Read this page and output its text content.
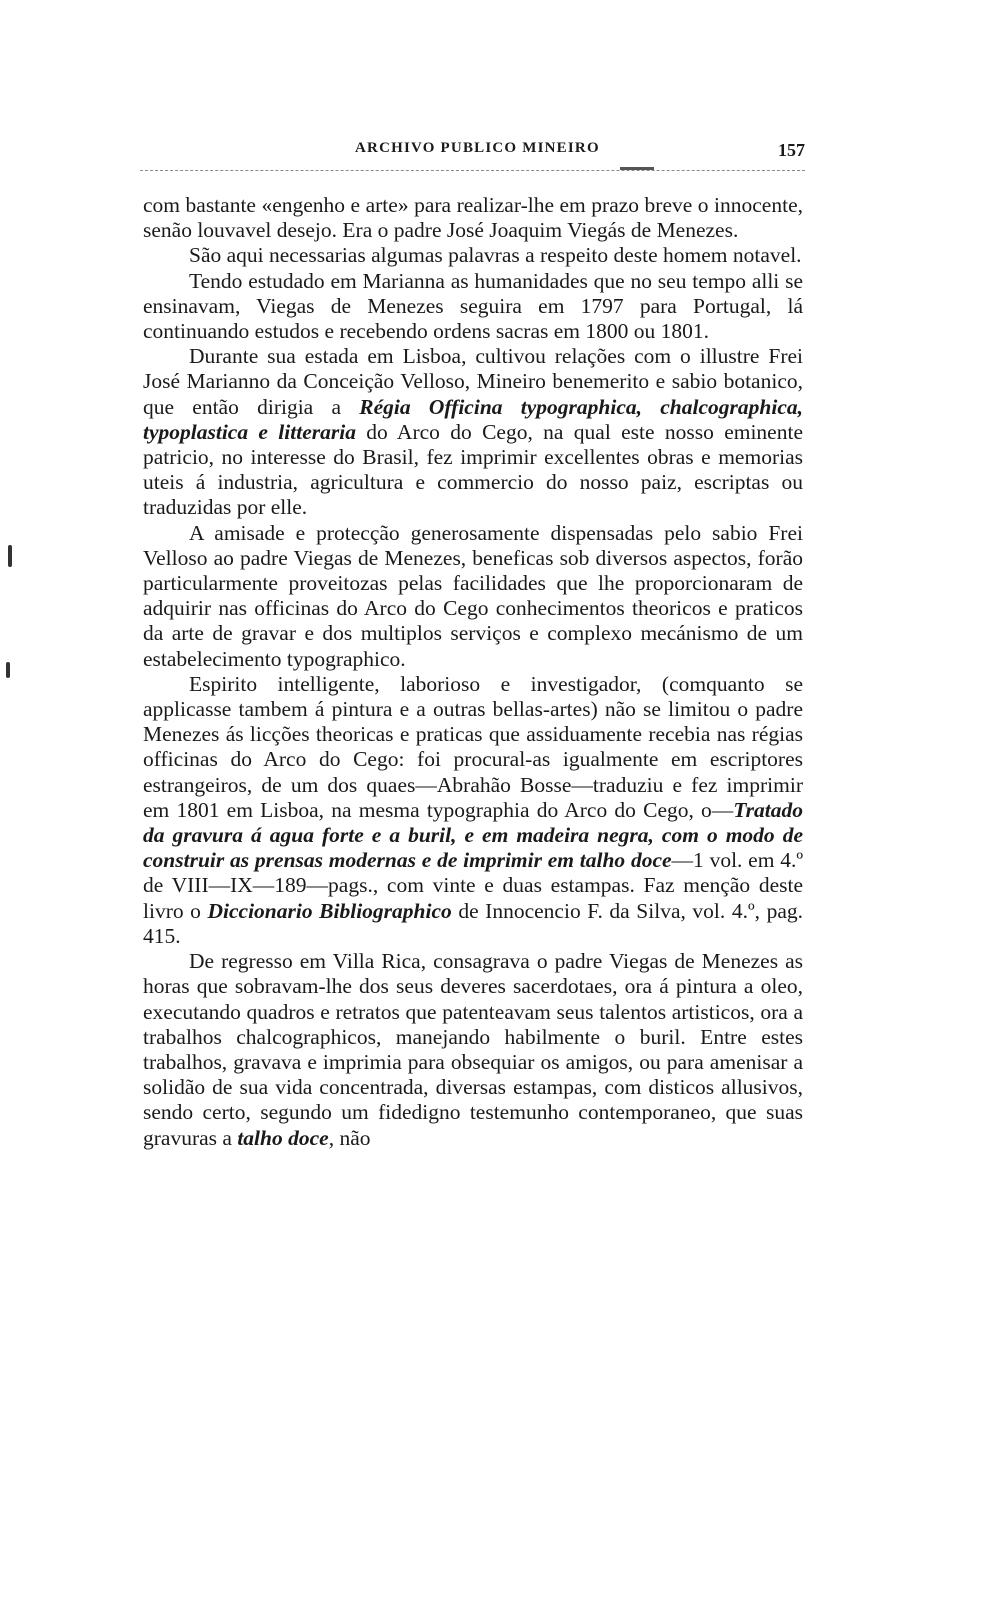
ARCHIVO PUBLICO MINEIRO	157

com bastante «engenho e arte» para realizar-lhe em prazo breve o innocente, senão louvavel desejo. Era o padre José Joaquim Viegás de Menezes.

São aqui necessarias algumas palavras a respeito deste homem notavel.

Tendo estudado em Marianna as humanidades que no seu tempo alli se ensinavam, Viegas de Menezes seguira em 1797 para Portugal, lá continuando estudos e recebendo ordens sacras em 1800 ou 1801.

Durante sua estada em Lisboa, cultivou relações com o illustre Frei José Marianno da Conceição Velloso, Mineiro benemerito e sabio botanico, que então dirigia a Régia Officina typographica, chalcographica, typoplastica e litteraria do Arco do Cego, na qual este nosso eminente patricio, no interesse do Brasil, fez imprimir excellentes obras e memorias uteis á industria, agricultura e commercio do nosso paiz, escriptas ou traduzidas por elle.

A amisade e protecção generosamente dispensadas pelo sabio Frei Velloso ao padre Viegas de Menezes, beneficas sob diversos aspectos, forão particularmente proveitozas pelas facilidades que lhe proporcionaram de adquirir nas officinas do Arco do Cego conhecimentos theoricos e praticos da arte de gravar e dos multiplos serviços e complexo mecánismo de um estabelecimento typographico.

Espirito intelligente, laborioso e investigador, (comquanto se applicasse tambem á pintura e a outras bellas-artes) não se limitou o padre Menezes ás licções theoricas e praticas que assiduamente recebia nas régias officinas do Arco do Cego: foi procural-as igualmente em escriptores estrangeiros, de um dos quaes—Abrahão Bosse—traduziu e fez imprimir em 1801 em Lisboa, na mesma typographia do Arco do Cego, o—Tratado da gravura á agua forte e a buril, e em madeira negra, com o modo de construir as prensas modernas e de imprimir em talho doce—1 vol. em 4.º de VIII—IX—189—pags., com vinte e duas estampas. Faz menção deste livro o Diccionario Bibliographico de Innocencio F. da Silva, vol. 4.º, pag. 415.

De regresso em Villa Rica, consagrava o padre Viegas de Menezes as horas que sobravam-lhe dos seus deveres sacerdotaes, ora á pintura a oleo, executando quadros e retratos que patenteavam seus talentos artisticos, ora a trabalhos chalcographicos, manejando habilmente o buril. Entre estes trabalhos, gravava e imprimia para obsequiar os amigos, ou para amenisar a solidão de sua vida concentrada, diversas estampas, com disticos allusivos, sendo certo, segundo um fidedigno testemunho contemporaneo, que suas gravuras a talho doce, não
